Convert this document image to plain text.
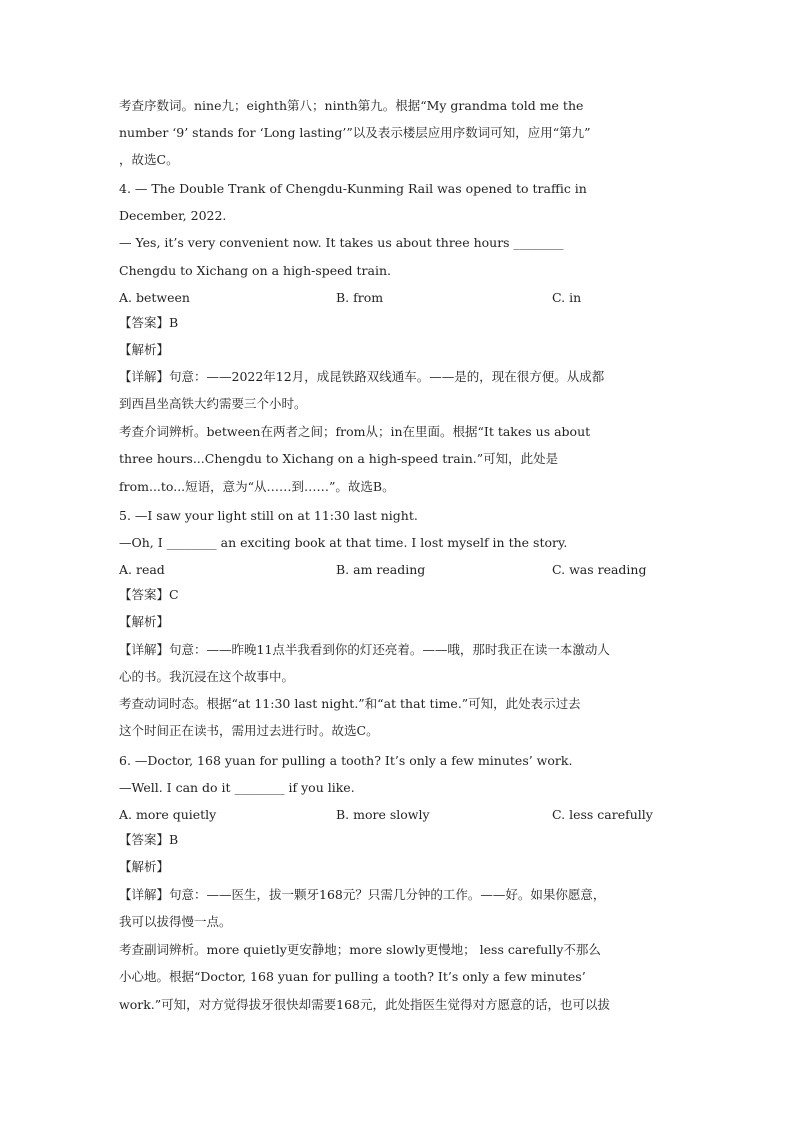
考查序数词。nine九；eighth第八；ninth第九。根据“My grandma told me the
number ‘9’ stands for ‘Long lasting’”以及表示楼层应用序数词可知，应用“第九”
，故选C。
4. — The Double Trank of Chengdu-Kunming Rail was opened to traffic in
December, 2022.
— Yes, it’s very convenient now. It takes us about three hours ________
Chengdu to Xichang on a high-speed train.
【答案】B
【解析】
【详解】句意：——2022年12月，成昆铁路双线通车。——是的，现在很方便。从成都
到西昌坐高铁大约需要三个小时。
考查介词辨析。between在两者之间；from从；in在里面。根据“It takes us about
three hours...Chengdu to Xichang on a high-speed train.”可知，此处是
from...to...短语，意为“从……到……”。故选B。
5. —I saw your light still on at 11:30 last night.
—Oh, I ________ an exciting book at that time. I lost myself in the story.
【答案】C
【解析】
【详解】句意：——昨晚11点半我看到你的灯还亮着。——哦，那时我正在读一本激动人
心的书。我沉浸在这个故事中。
考查动词时态。根据“at 11:30 last night.”和“at that time.”可知，此处表示过去
这个时间正在读书，需用过去进行时。故选C。
6. —Doctor, 168 yuan for pulling a tooth? It’s only a few minutes’ work.
—Well. I can do it ________ if you like.
【答案】B
【解析】
【详解】句意：——医生，拔一颗牙168元？只需几分钟的工作。——好。如果你愿意，
我可以拔得慢一点。
考查副词辨析。more quietly更安静地；more slowly更慢地； less carefully不那么
小心地。根据“Doctor, 168 yuan for pulling a tooth? It’s only a few minutes’
work.”可知，对方觉得拔牙很快却需要168元，此处指医生觉得对方愿意的话，也可以拔
A. between	B. from	C. in
A. read	B. am reading	C. was reading
A. more quietly	B. more slowly	C. less carefully
